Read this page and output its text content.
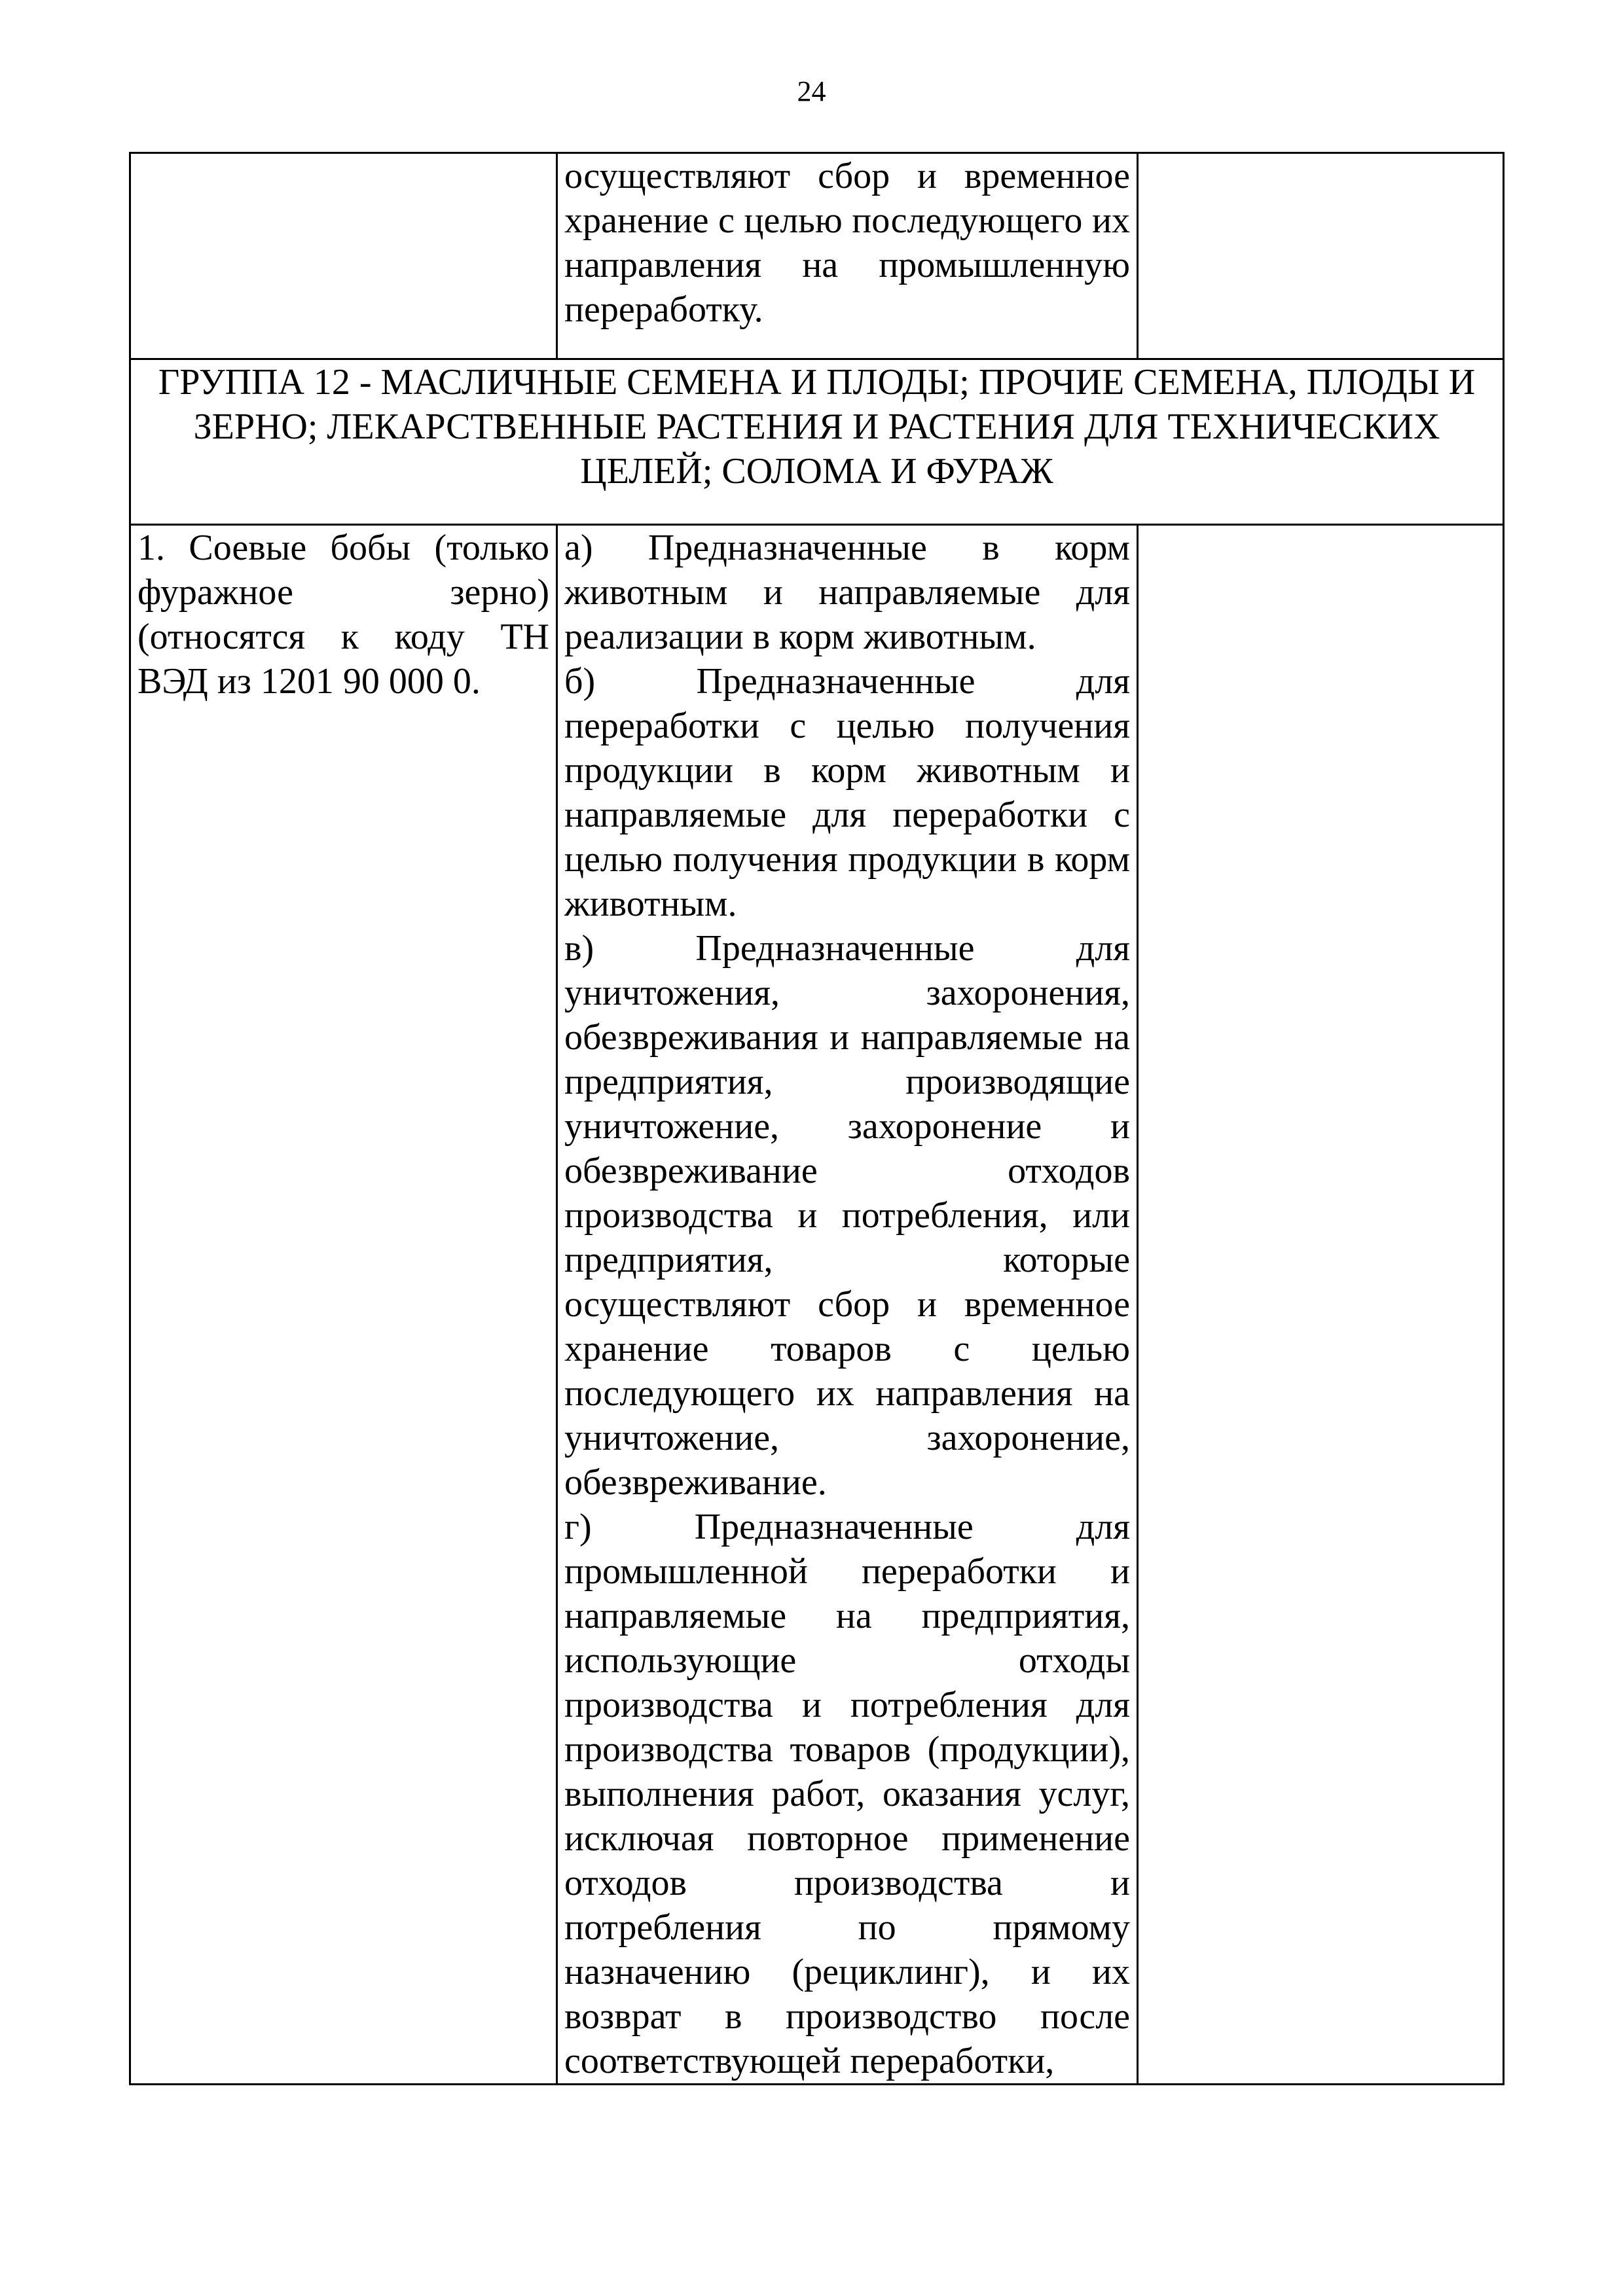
24
	осуществляют сбор и временное хранение с целью последующего их направления на промышленную переработку.	
ГРУППА 12 - МАСЛИЧНЫЕ СЕМЕНА И ПЛОДЫ; ПРОЧИЕ СЕМЕНА, ПЛОДЫ И ЗЕРНО; ЛЕКАРСТВЕННЫЕ РАСТЕНИЯ И РАСТЕНИЯ ДЛЯ ТЕХНИЧЕСКИХ ЦЕЛЕЙ; СОЛОМА И ФУРАЖ		
1. Соевые бобы (только фуражное зерно) (относятся к коду ТН ВЭД из 1201 90 000 0.	а) Предназначенные в корм животным и направляемые для реализации в корм животным.
б) Предназначенные для переработки с целью получения продукции в корм животным и направляемые для переработки с целью получения продукции в корм животным.
в) Предназначенные для уничтожения, захоронения, обезвреживания и направляемые на предприятия, производящие уничтожение, захоронение и обезвреживание отходов производства и потребления, или предприятия, которые осуществляют сбор и временное хранение товаров с целью последующего их направления на уничтожение, захоронение, обезвреживание.
г) Предназначенные для промышленной переработки и направляемые на предприятия, использующие отходы производства и потребления для производства товаров (продукции), выполнения работ, оказания услуг, исключая повторное применение отходов производства и потребления по прямому назначению (рециклинг), и их возврат в производство после соответствующей переработки,	
